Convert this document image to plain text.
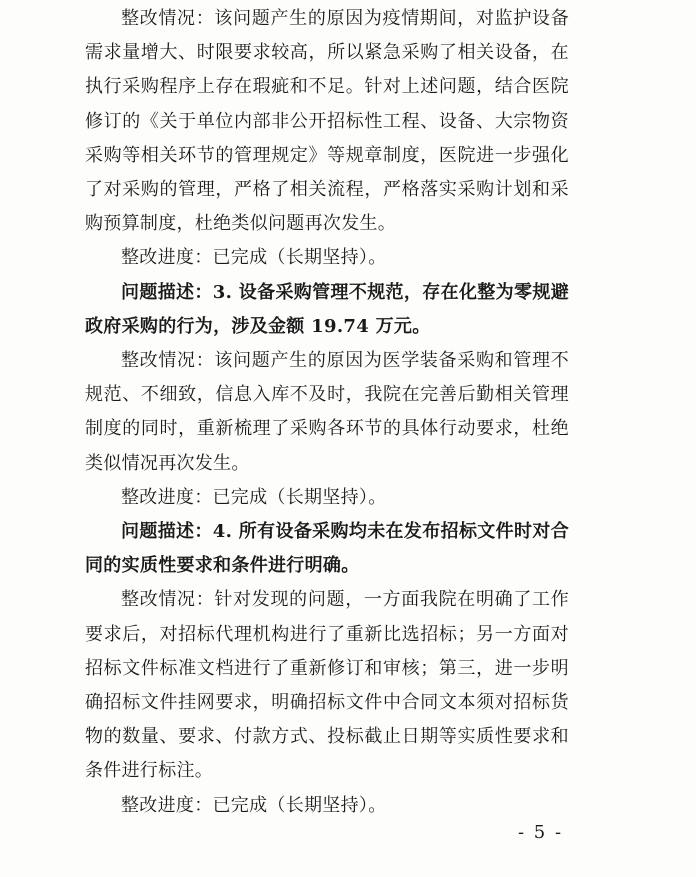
整改情况：该问题产生的原因为疫情期间，对监护设备需求量增大、时限要求较高，所以紧急采购了相关设备，在执行采购程序上存在瑕疵和不足。针对上述问题，结合医院修订的《关于单位内部非公开招标性工程、设备、大宗物资采购等相关环节的管理规定》等规章制度，医院进一步强化了对采购的管理，严格了相关流程，严格落实采购计划和采购预算制度，杜绝类似问题再次发生。

整改进度：已完成（长期坚持）。

问题描述：3. 设备采购管理不规范，存在化整为零规避政府采购的行为，涉及金额 19.74 万元。

整改情况：该问题产生的原因为医学装备采购和管理不规范、不细致，信息入库不及时，我院在完善后勤相关管理制度的同时，重新梳理了采购各环节的具体行动要求，杜绝类似情况再次发生。

整改进度：已完成（长期坚持）。

问题描述：4. 所有设备采购均未在发布招标文件时对合同的实质性要求和条件进行明确。

整改情况：针对发现的问题，一方面我院在明确了工作要求后，对招标代理机构进行了重新比选招标；另一方面对招标文件标准文档进行了重新修订和审核；第三，进一步明确招标文件挂网要求，明确招标文件中合同文本须对招标货物的数量、要求、付款方式、投标截止日期等实质性要求和条件进行标注。

整改进度：已完成（长期坚持）。

- 5 -
